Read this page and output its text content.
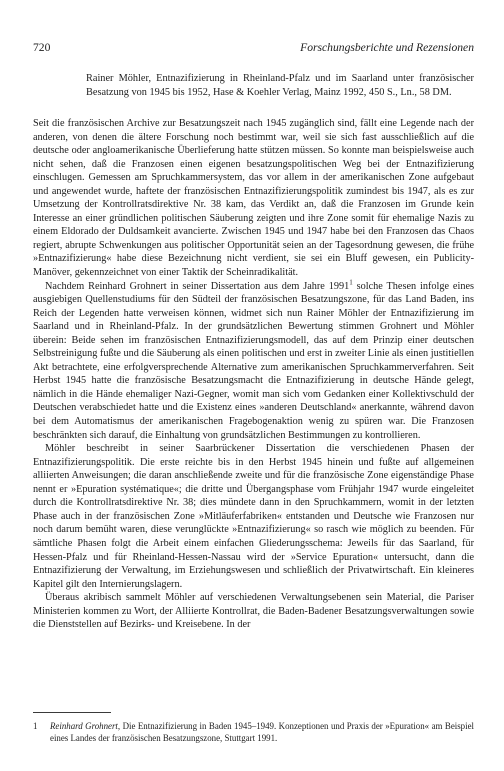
720	Forschungsberichte und Rezensionen
Rainer Möhler, Entnazifizierung in Rheinland-Pfalz und im Saarland unter französischer Besatzung von 1945 bis 1952, Hase & Koehler Verlag, Mainz 1992, 450 S., Ln., 58 DM.

Seit die französischen Archive zur Besatzungszeit nach 1945 zugänglich sind, fällt eine Legende nach der anderen, von denen die ältere Forschung noch bestimmt war, weil sie sich fast ausschließlich auf die deutsche oder angloamerikanische Überlieferung hatte stützen müssen. So konnte man beispielsweise auch nicht sehen, daß die Franzosen einen eigenen besatzungspolitischen Weg bei der Entnazifizierung einschlugen. Gemessen am Spruchkammersystem, das vor allem in der amerikanischen Zone aufgebaut und angewendet wurde, haftete der französischen Entnazifizierungspolitik zumindest bis 1947, als es zur Umsetzung der Kontrollratsdirektive Nr. 38 kam, das Verdikt an, daß die Franzosen im Grunde kein Interesse an einer gründlichen politischen Säuberung zeigten und ihre Zone somit für ehemalige Nazis zu einem Eldorado der Duldsamkeit avancierte. Zwischen 1945 und 1947 habe bei den Franzosen das Chaos regiert, abrupte Schwenkungen aus politischer Opportunität seien an der Tagesordnung gewesen, die frühe »Entnazifizierung« habe diese Bezeichnung nicht verdient, sie sei ein Bluff gewesen, ein Publicity-Manöver, gekennzeichnet von einer Taktik der Scheinradikalität.

Nachdem Reinhard Grohnert in seiner Dissertation aus dem Jahre 1991$^1$ solche Thesen infolge eines ausgiebigen Quellenstudiums für den Südteil der französischen Besatzungszone, für das Land Baden, ins Reich der Legenden hatte verweisen können, widmet sich nun Rainer Möhler der Entnazifizierung im Saarland und in Rheinland-Pfalz. In der grundsätzlichen Bewertung stimmen Grohnert und Möhler überein: Beide sehen im französischen Entnazifizierungsmodell, das auf dem Prinzip einer deutschen Selbstreinigung fußte und die Säuberung als einen politischen und erst in zweiter Linie als einen justitiellen Akt betrachtete, eine erfolgversprechende Alternative zum amerikanischen Spruchkammerverfahren. Seit Herbst 1945 hatte die französische Besatzungsmacht die Entnazifizierung in deutsche Hände gelegt, nämlich in die Hände ehemaliger Nazi-Gegner, womit man sich vom Gedanken einer Kollektivschuld der Deutschen verabschiedet hatte und die Existenz eines »anderen Deutschland« anerkannte, während davon bei dem Automatismus der amerikanischen Fragebogenaktion wenig zu spüren war. Die Franzosen beschränkten sich darauf, die Einhaltung von grundsätzlichen Bestimmungen zu kontrollieren.

Möhler beschreibt in seiner Saarbrückener Dissertation die verschiedenen Phasen der Entnazifizierungspolitik. Die erste reichte bis in den Herbst 1945 hinein und fußte auf allgemeinen alliierten Anweisungen; die daran anschließende zweite und für die französische Zone eigenständige Phase nennt er »Epuration systématique«; die dritte und Übergangsphase vom Frühjahr 1947 wurde eingeleitet durch die Kontrollratsdirektive Nr. 38; dies mündete dann in den Spruchkammern, womit in der letzten Phase auch in der französischen Zone »Mitläuferfabriken« entstanden und Deutsche wie Franzosen nur noch darum bemüht waren, diese verunglückte »Entnazifizierung« so rasch wie möglich zu beenden. Für sämtliche Phasen folgt die Arbeit einem einfachen Gliederungsschema: Jeweils für das Saarland, für Hessen-Pfalz und für Rheinland-Hessen-Nassau wird der »Service Epuration« untersucht, dann die Entnazifizierung der Verwaltung, im Erziehungswesen und schließlich der Privatwirtschaft. Ein kleineres Kapitel gilt den Internierungslagern.

Überaus akribisch sammelt Möhler auf verschiedenen Verwaltungsebenen sein Material, die Pariser Ministerien kommen zu Wort, der Alliierte Kontrollrat, die Baden-Badener Besatzungsverwaltungen sowie die Dienststellen auf Bezirks- und Kreisebene. In der

1 Reinhard Grohnert, Die Entnazifizierung in Baden 1945–1949. Konzeptionen und Praxis der »Epuration« am Beispiel eines Landes der französischen Besatzungszone, Stuttgart 1991.
